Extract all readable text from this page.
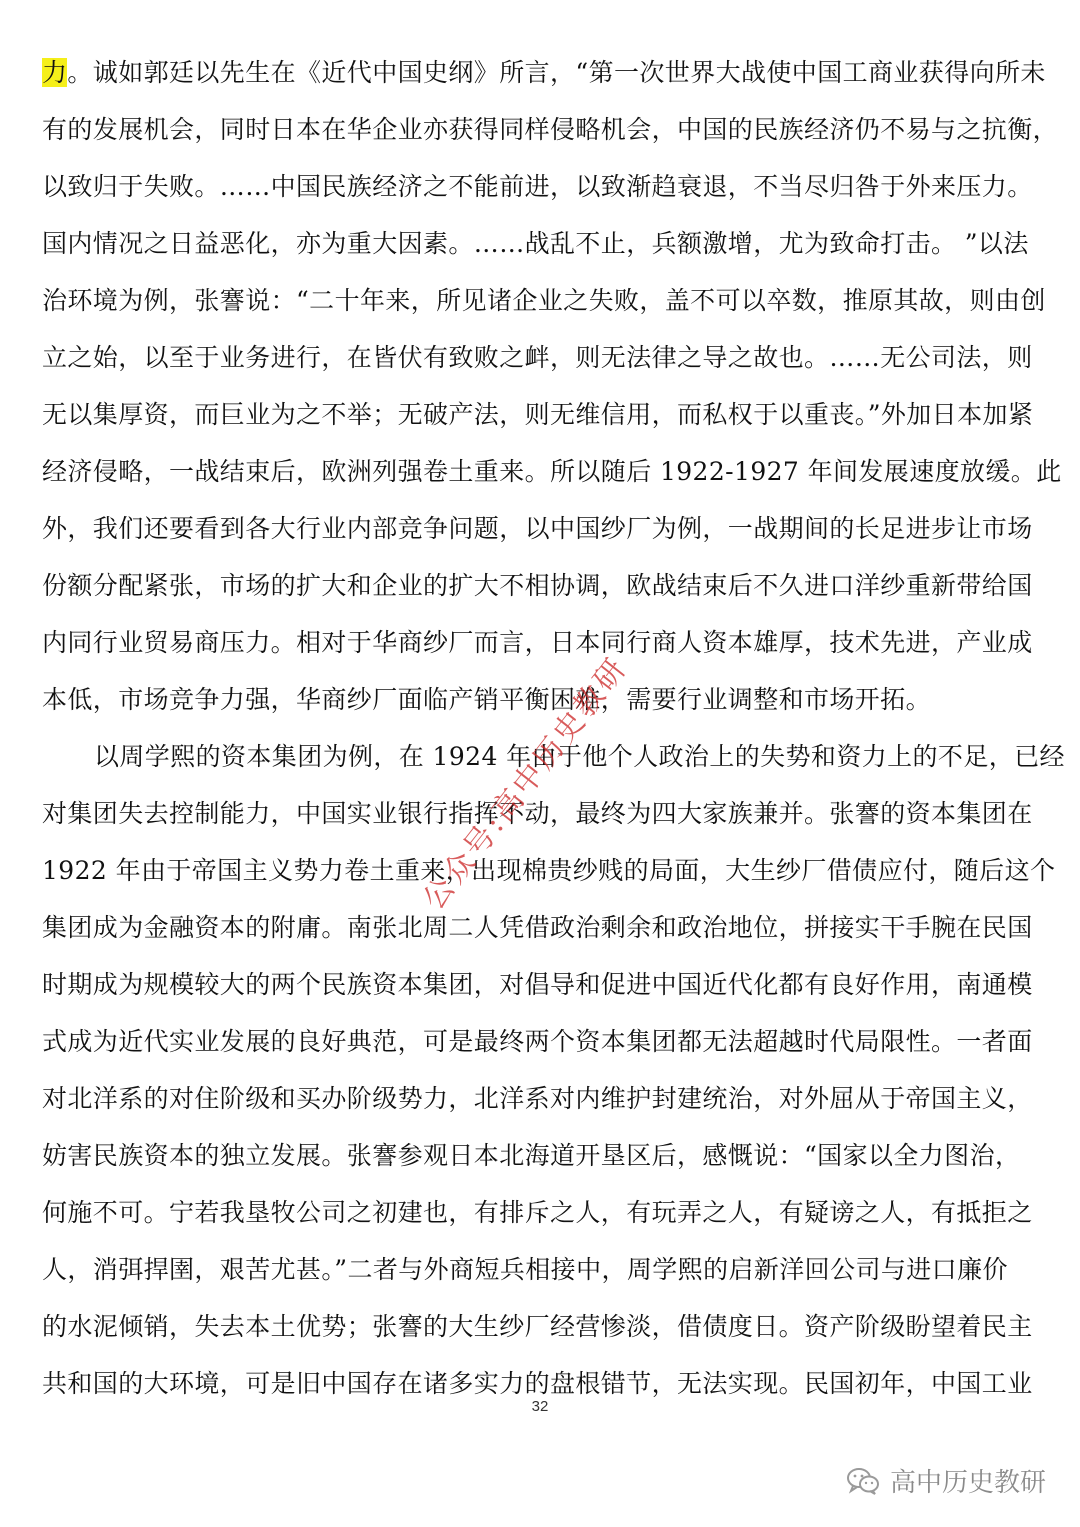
力。诚如郭廷以先生在《近代中国史纲》所言，“第一次世界大战使中国工商业获得向所未
有的发展机会，同时日本在华企业亦获得同样侵略机会，中国的民族经济仍不易与之抗衡，
以致归于失败。……中国民族经济之不能前进，以致渐趋衰退，不当尽归咎于外来压力。
国内情况之日益恶化，亦为重大因素。……战乱不止，兵额激增，尤为致命打击。 ”以法
治环境为例，张謇说：“二十年来，所见诸企业之失败，盖不可以卒数，推原其故，则由创
立之始，以至于业务进行，在皆伏有致败之衅，则无法律之导之故也。……无公司法，则
无以集厚资，而巨业为之不举；无破产法，则无维信用，而私权于以重丧。”外加日本加紧
经济侵略，一战结束后，欧洲列强卷土重来。所以随后 1922-1927 年间发展速度放缓。此
外，我们还要看到各大行业内部竞争问题，以中国纱厂为例，一战期间的长足进步让市场
份额分配紧张，市场的扩大和企业的扩大不相协调，欧战结束后不久进口洋纱重新带给国
内同行业贸易商压力。相对于华商纱厂而言，日本同行商人资本雄厚，技术先进，产业成
本低，市场竞争力强，华商纱厂面临产销平衡困难，需要行业调整和市场开拓。
以周学熙的资本集团为例，在 1924 年由于他个人政治上的失势和资力上的不足，已经
对集团失去控制能力，中国实业银行指挥不动，最终为四大家族兼并。张謇的资本集团在
1922 年由于帝国主义势力卷土重来，出现棉贵纱贱的局面，大生纱厂借债应付，随后这个
集团成为金融资本的附庸。南张北周二人凭借政治剩余和政治地位，拼接实干手腕在民国
时期成为规模较大的两个民族资本集团，对倡导和促进中国近代化都有良好作用，南通模
式成为近代实业发展的良好典范，可是最终两个资本集团都无法超越时代局限性。一者面
对北洋系的对住阶级和买办阶级势力，北洋系对内维护封建统治，对外屈从于帝国主义，
妨害民族资本的独立发展。张謇参观日本北海道开垦区后，感慨说：“国家以全力图治，
何施不可。宁若我垦牧公司之初建也，有排斥之人，有玩弄之人，有疑谤之人，有抵拒之
人，消弭捍圉，艰苦尤甚。”二者与外商短兵相接中，周学熙的启新洋回公司与进口廉价
的水泥倾销，失去本土优势；张謇的大生纱厂经营惨淡，借债度日。资产阶级盼望着民主
共和国的大环境，可是旧中国存在诸多实力的盘根错节，无法实现。民国初年，中国工业
32
公众号:高中历史教研
高中历史教研
